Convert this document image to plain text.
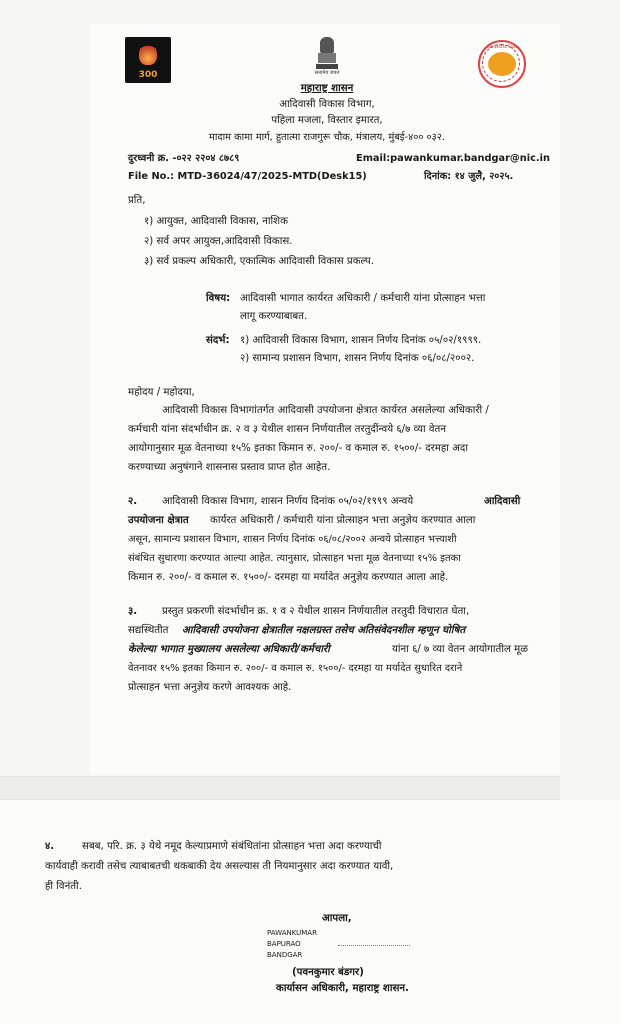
300	सत्यमेव जयते
Maharashtra Shasan
महाराष्ट्र शासन
आदिवासी विकास विभाग,
पहिला मजला, विस्तार इमारत,
मादाम कामा मार्ग, हुतात्मा राजगुरू चौक, मंत्रालय, मुंबई-४०० ०३२.
दुरध्वनी क्र. -०२२ २२०४ ८७८९	Email:pawankumar.bandgar@nic.in
File No.: MTD-36024/47/2025-MTD(Desk15)	दिनांक: १४ जुलै, २०२५.
प्रति,
१) आयुक्त, आदिवासी विकास, नाशिक
२) सर्व अपर आयुक्त,आदिवासी विकास.
३) सर्व प्रकल्प अधिकारी, एकात्मिक आदिवासी विकास प्रकल्प.
विषय: आदिवासी भागात कार्यरत अधिकारी / कर्मचारी यांना प्रोत्साहन भत्ता
लागू करण्याबाबत.
संदर्भ: १) आदिवासी विकास विभाग, शासन निर्णय दिनांक ०५/०२/१९९९.
२) सामान्य प्रशासन विभाग, शासन निर्णय दिनांक ०६/०८/२००२.
महोदय / महोदया,
आदिवासी विकास विभागांतर्गत आदिवासी उपयोजना क्षेत्रात कार्यरत असलेल्या अधिकारी /
कर्मचारी यांना संदर्भाधीन क्र. २ व ३ येथील शासन निर्णयातील तरतुदींन्वये ६/७ व्या वेतन
आयोगानुसार मूळ वेतनाच्या १५% इतका किमान रु. २००/- व कमाल रु. १५००/- दरमहा अदा
करण्याच्या अनुषंगाने शासनास प्रस्ताव प्राप्त होत आहेत.
२. आदिवासी विकास विभाग, शासन निर्णय दिनांक ०५/०२/१९९९ अन्वये	आदिवासी
उपयोजना क्षेत्रात कार्यरत अधिकारी / कर्मचारी यांना प्रोत्साहन भत्ता अनुज्ञेय करण्यात आला
असून, सामान्य प्रशासन विभाग, शासन निर्णय दिनांक ०६/०८/२००२ अन्वये प्रोत्साहन भत्त्याशी
संबंधित सुधारणा करण्यात आल्या आहेत. त्यानुसार, प्रोत्साहन भत्ता मूळ वेतनाच्या १५% इतका
किमान रु. २००/- व कमाल रु. १५००/- दरमहा या मर्यादेत अनुज्ञेय करण्यात आला आहे.
३. प्रस्तुत प्रकरणी संदर्भाधीन क्र. १ व २ येथील शासन निर्णयातील तरतुदी विचारात घेता,
सद्यस्थितीत आदिवासी उपयोजना क्षेत्रातील नक्षलग्रस्त तसेच अतिसंवेदनशील म्हणून घोषित
केलेल्या भागात मुख्यालय असलेल्या अधिकारी/कर्मचारी	यांना ६/ ७ व्या वेतन आयोगातील मूळ
वेतनावर १५% इतका किमान रु. २००/- व कमाल रु. १५००/- दरमहा या मर्यादेत सुधारित दराने
प्रोत्साहन भत्ता अनुज्ञेय करणे आवश्यक आहे.
४.	सबब, परि. क्र. ३ येथे नमूद केल्याप्रमाणे संबंधितांना प्रोत्साहन भत्ता अदा करण्याची
कार्यवाही करावी तसेच त्याबाबतची थकबाकी देय असल्यास ती नियमानुसार अदा करण्यात यावी,
ही विनंती.
आपला,
PAWANKUMAR
BAPURAO
BANDGAR
(पवनकुमार बंडगर)
कार्यासन अधिकारी, महाराष्ट्र शासन.
